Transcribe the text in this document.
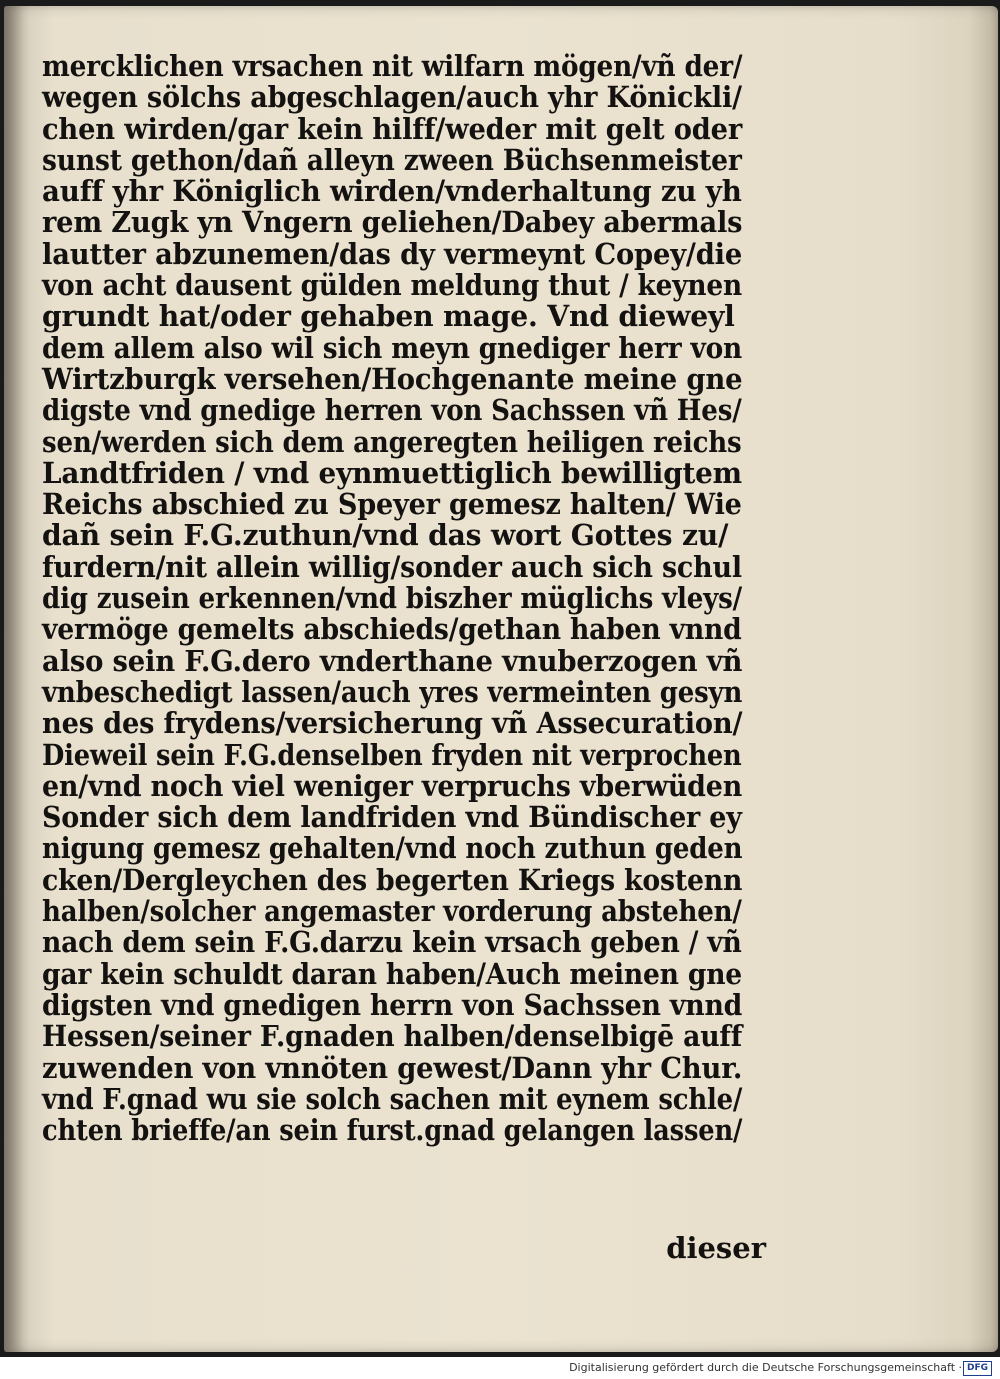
mercklichen vrsachen nit wilfarn mögen/vñ der/
wegen sölchs abgeschlagen/auch yhr Könickli/
chen wirden/gar kein hilff/weder mit gelt oder
sunst gethon/dañ alleyn zween Büchsenmeister
auff yhr Königlich wirden/vnderhaltung zu yh
rem Zugk yn Vngern geliehen/Dabey abermals
lautter abzunemen/das dy vermeynt Copey/die
von acht dausent gülden meldung thut / keynen
grundt hat/oder gehaben mage. Vnd dieweyl
dem allem also wil sich meyn gnediger herr von
Wirtzburgk versehen/Hochgenante meine gne
digste vnd gnedige herren von Sachssen vñ Hes/
sen/werden sich dem angeregten heiligen reichs
Landtfriden / vnd eynmuettiglich bewilligtem
Reichs abschied zu Speyer gemesz halten/ Wie
dañ sein F.G.zuthun/vnd das wort Gottes zu/
furdern/nit allein willig/sonder auch sich schul
dig zusein erkennen/vnd biszher müglichs vleys/
vermöge gemelts abschieds/gethan haben vnnd
also sein F.G.dero vnderthane vnuberzogen vñ
vnbeschedigt lassen/auch yres vermeinten gesyn
nes des frydens/versicherung vñ Assecuration/
Dieweil sein F.G.denselben fryden nit verprochen
en/vnd noch viel weniger verpruchs vberwüden
Sonder sich dem landfriden vnd Bündischer ey
nigung gemesz gehalten/vnd noch zuthun geden
cken/Dergleychen des begerten Kriegs kostenn
halben/solcher angemaster vorderung abstehen/
nach dem sein F.G.darzu kein vrsach geben / vñ
gar kein schuldt daran haben/Auch meinen gne
digsten vnd gnedigen herrn von Sachssen vnnd
Hessen/seiner F.gnaden halben/denselbigē auff
zuwenden von vnnöten gewest/Dann yhr Chur.
vnd F.gnad wu sie solch sachen mit eynem schle/
chten brieffe/an sein furst.gnad gelangen lassen/
dieser
Digitalisierung gefördert durch die Deutsche Forschungsgemeinschaft · DFG
